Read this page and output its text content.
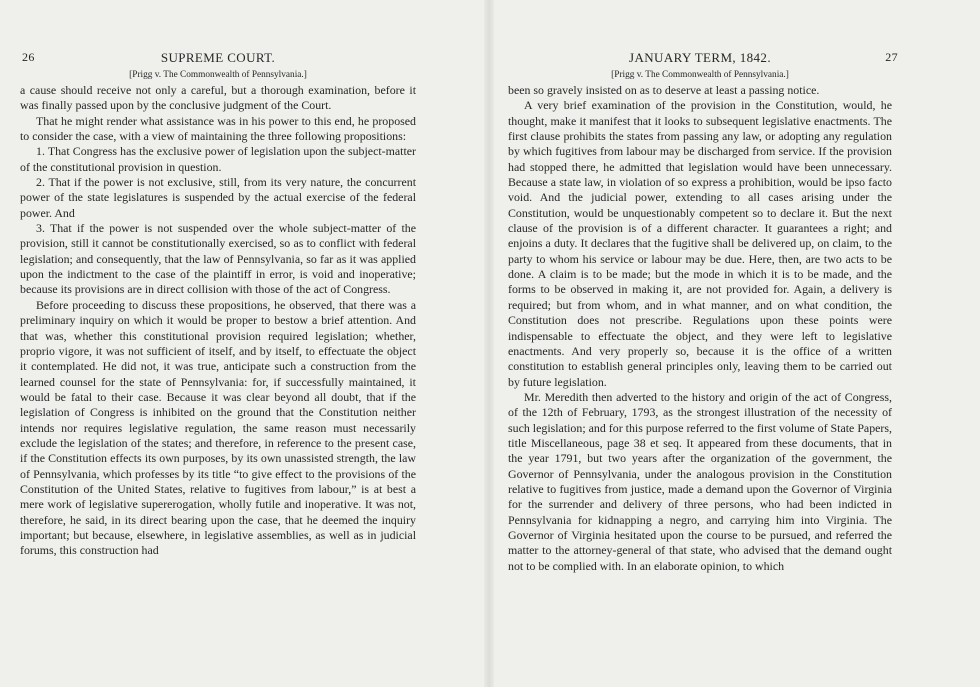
26	SUPREME COURT.
[Prigg v. The Commonwealth of Pennsylvania.]

a cause should receive not only a careful, but a thorough examination, before it was finally passed upon by the conclusive judgment of the Court.

That he might render what assistance was in his power to this end, he proposed to consider the case, with a view of maintaining the three following propositions:

1. That Congress has the exclusive power of legislation upon the subject-matter of the constitutional provision in question.

2. That if the power is not exclusive, still, from its very nature, the concurrent power of the state legislatures is suspended by the actual exercise of the federal power. And

3. That if the power is not suspended over the whole subject-matter of the provision, still it cannot be constitutionally exercised, so as to conflict with federal legislation; and consequently, that the law of Pennsylvania, so far as it was applied upon the indictment to the case of the plaintiff in error, is void and inoperative; because its provisions are in direct collision with those of the act of Congress.

Before proceeding to discuss these propositions, he observed, that there was a preliminary inquiry on which it would be proper to bestow a brief attention. And that was, whether this constitutional provision required legislation; whether, proprio vigore, it was not sufficient of itself, and by itself, to effectuate the object it contemplated. He did not, it was true, anticipate such a construction from the learned counsel for the state of Pennsylvania: for, if successfully maintained, it would be fatal to their case. Because it was clear beyond all doubt, that if the legislation of Congress is inhibited on the ground that the Constitution neither intends nor requires legislative regulation, the same reason must necessarily exclude the legislation of the states; and therefore, in reference to the present case, if the Constitution effects its own purposes, by its own unassisted strength, the law of Pennsylvania, which professes by its title “to give effect to the provisions of the Constitution of the United States, relative to fugitives from labour,” is at best a mere work of legislative supererogation, wholly futile and inoperative. It was not, therefore, he said, in its direct bearing upon the case, that he deemed the inquiry important; but because, elsewhere, in legislative assemblies, as well as in judicial forums, this construction had

JANUARY TERM, 1842.	27
[Prigg v. The Commonwealth of Pennsylvania.]

been so gravely insisted on as to deserve at least a passing notice.

A very brief examination of the provision in the Constitution, would, he thought, make it manifest that it looks to subsequent legislative enactments. The first clause prohibits the states from passing any law, or adopting any regulation by which fugitives from labour may be discharged from service. If the provision had stopped there, he admitted that legislation would have been unnecessary. Because a state law, in violation of so express a prohibition, would be ipso facto void. And the judicial power, extending to all cases arising under the Constitution, would be unquestionably competent so to declare it. But the next clause of the provision is of a different character. It guarantees a right; and enjoins a duty. It declares that the fugitive shall be delivered up, on claim, to the party to whom his service or labour may be due. Here, then, are two acts to be done. A claim is to be made; but the mode in which it is to be made, and the forms to be observed in making it, are not provided for. Again, a delivery is required; but from whom, and in what manner, and on what condition, the Constitution does not prescribe. Regulations upon these points were indispensable to effectuate the object, and they were left to legislative enactments. And very properly so, because it is the office of a written constitution to establish general principles only, leaving them to be carried out by future legislation.

Mr. Meredith then adverted to the history and origin of the act of Congress, of the 12th of February, 1793, as the strongest illustration of the necessity of such legislation; and for this purpose referred to the first volume of State Papers, title Miscellaneous, page 38 et seq. It appeared from these documents, that in the year 1791, but two years after the organization of the government, the Governor of Pennsylvania, under the analogous provision in the Constitution relative to fugitives from justice, made a demand upon the Governor of Virginia for the surrender and delivery of three persons, who had been indicted in Pennsylvania for kidnapping a negro, and carrying him into Virginia. The Governor of Virginia hesitated upon the course to be pursued, and referred the matter to the attorney-general of that state, who advised that the demand ought not to be complied with. In an elaborate opinion, to which
